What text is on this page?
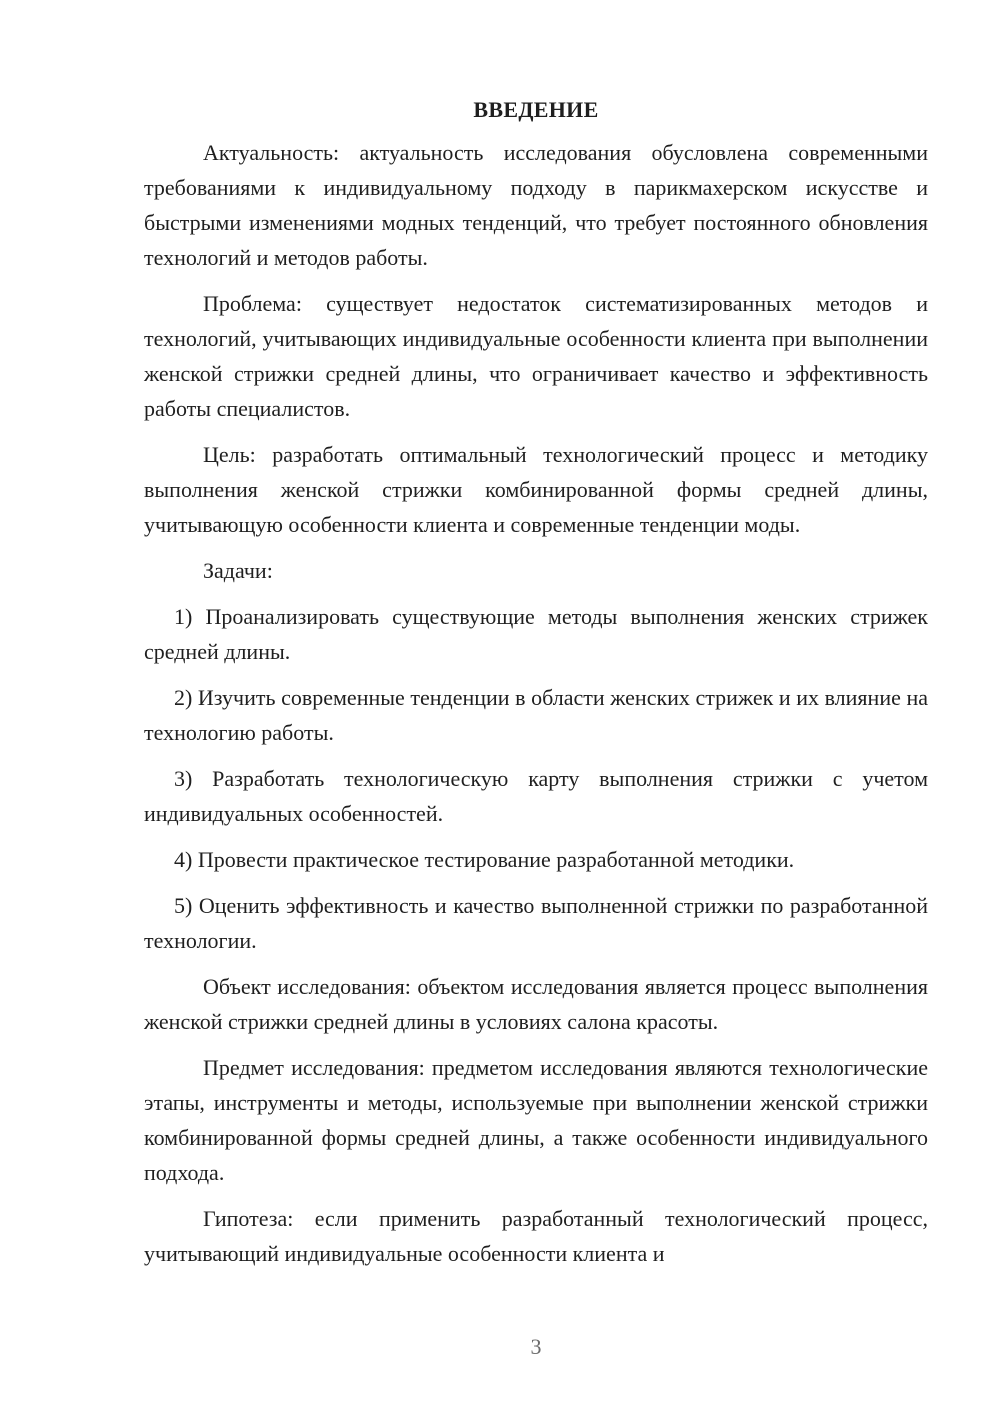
ВВЕДЕНИЕ

Актуальность: актуальность исследования обусловлена современными требованиями к индивидуальному подходу в парикмахерском искусстве и быстрыми изменениями модных тенденций, что требует постоянного обновления технологий и методов работы.

Проблема: существует недостаток систематизированных методов и технологий, учитывающих индивидуальные особенности клиента при выполнении женской стрижки средней длины, что ограничивает качество и эффективность работы специалистов.

Цель: разработать оптимальный технологический процесс и методику выполнения женской стрижки комбинированной формы средней длины, учитывающую особенности клиента и современные тенденции моды.

Задачи:

1) Проанализировать существующие методы выполнения женских стрижек средней длины.

2) Изучить современные тенденции в области женских стрижек и их влияние на технологию работы.

3) Разработать технологическую карту выполнения стрижки с учетом индивидуальных особенностей.

4) Провести практическое тестирование разработанной методики.

5) Оценить эффективность и качество выполненной стрижки по разработанной технологии.

Объект исследования: объектом исследования является процесс выполнения женской стрижки средней длины в условиях салона красоты.

Предмет исследования: предметом исследования являются технологические этапы, инструменты и методы, используемые при выполнении женской стрижки комбинированной формы средней длины, а также особенности индивидуального подхода.

Гипотеза: если применить разработанный технологический процесс, учитывающий индивидуальные особенности клиента и

3
